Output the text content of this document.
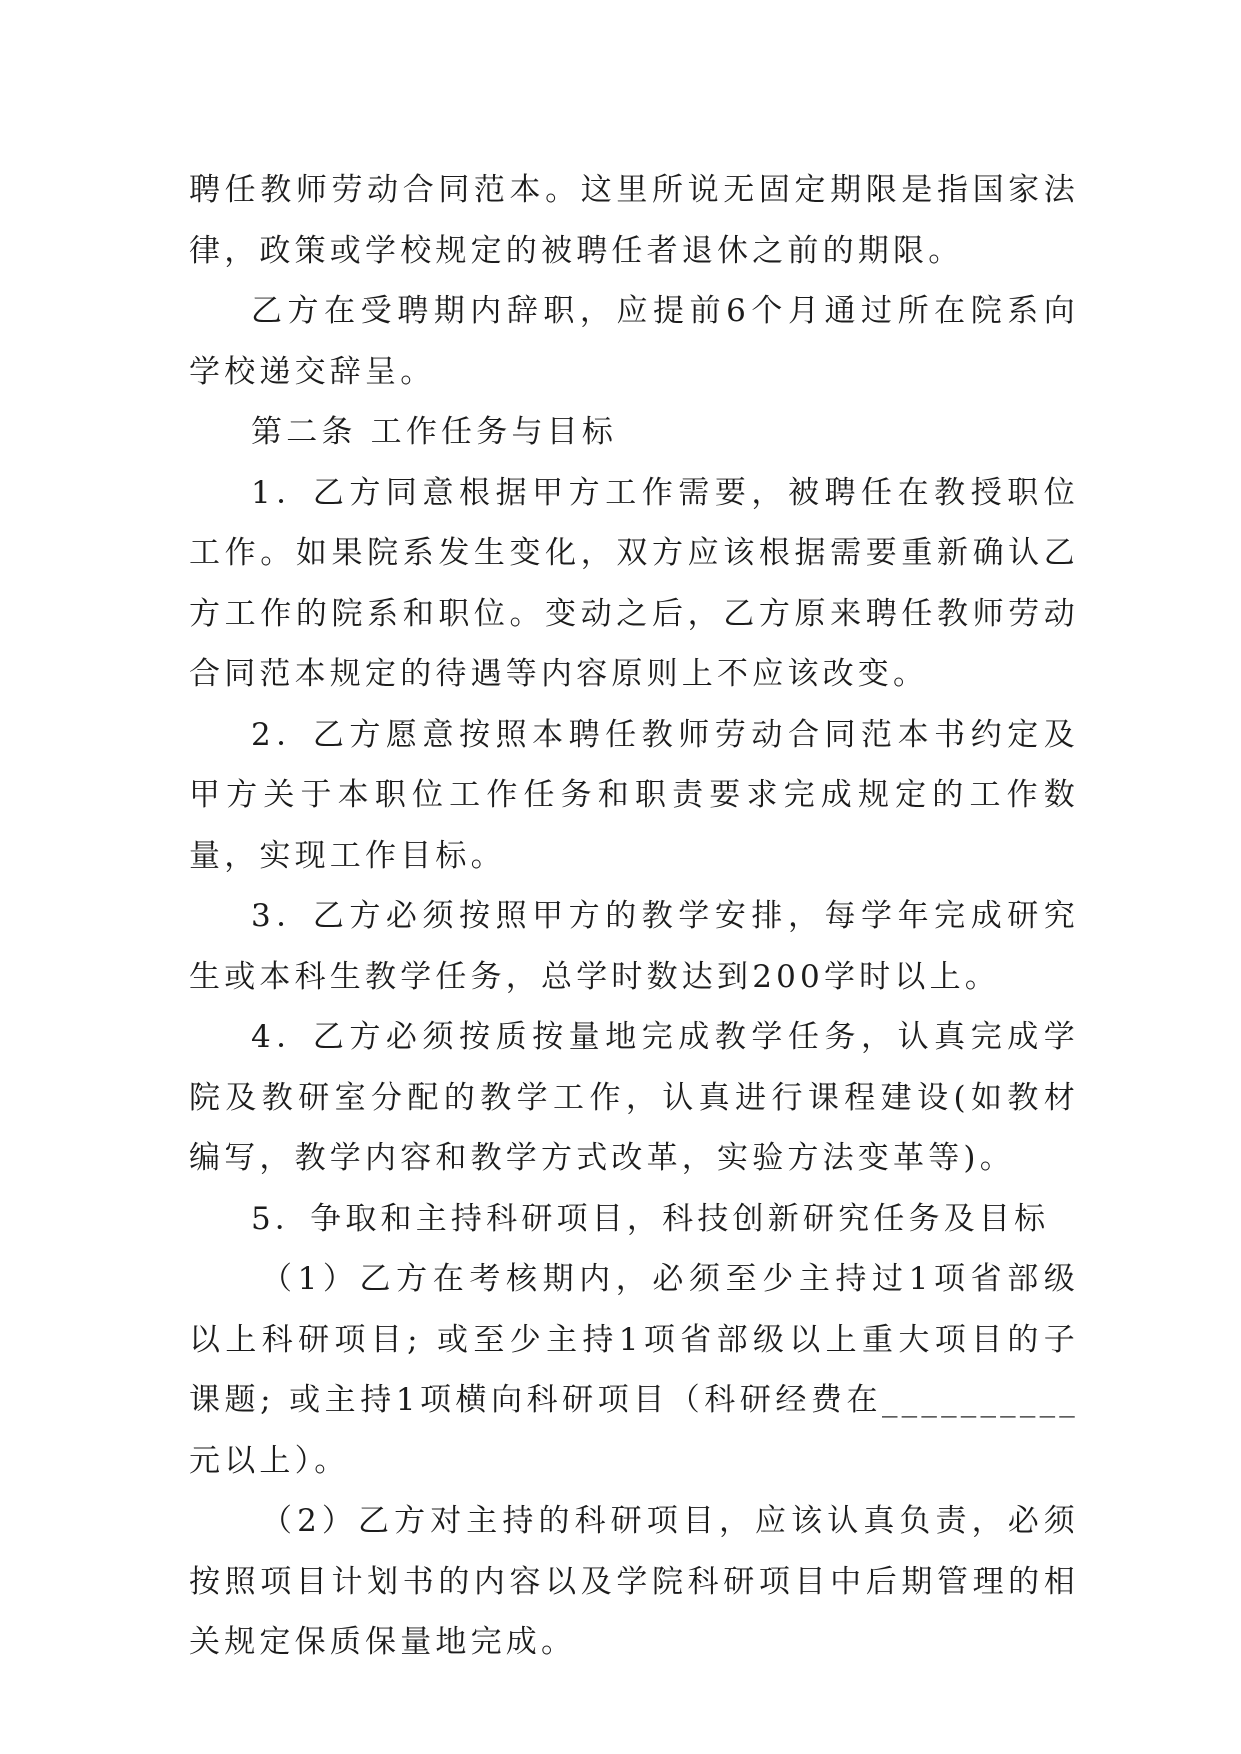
聘任教师劳动合同范本。这里所说无固定期限是指国家法律，政策或学校规定的被聘任者退休之前的期限。

乙方在受聘期内辞职，应提前6个月通过所在院系向学校递交辞呈。

第二条 工作任务与目标

1．乙方同意根据甲方工作需要，被聘任在教授职位工作。如果院系发生变化，双方应该根据需要重新确认乙方工作的院系和职位。变动之后，乙方原来聘任教师劳动合同范本规定的待遇等内容原则上不应该改变。

2．乙方愿意按照本聘任教师劳动合同范本书约定及甲方关于本职位工作任务和职责要求完成规定的工作数量，实现工作目标。

3．乙方必须按照甲方的教学安排，每学年完成研究生或本科生教学任务，总学时数达到200学时以上。

4．乙方必须按质按量地完成教学任务，认真完成学院及教研室分配的教学工作，认真进行课程建设(如教材编写，教学内容和教学方式改革，实验方法变革等)。

5．争取和主持科研项目，科技创新研究任务及目标

（1）乙方在考核期内，必须至少主持过1项省部级以上科研项目; 或至少主持1项省部级以上重大项目的子课题; 或主持1项横向科研项目（科研经费在__________元以上）。

（2）乙方对主持的科研项目，应该认真负责，必须按照项目计划书的内容以及学院科研项目中后期管理的相关规定保质保量地完成。
